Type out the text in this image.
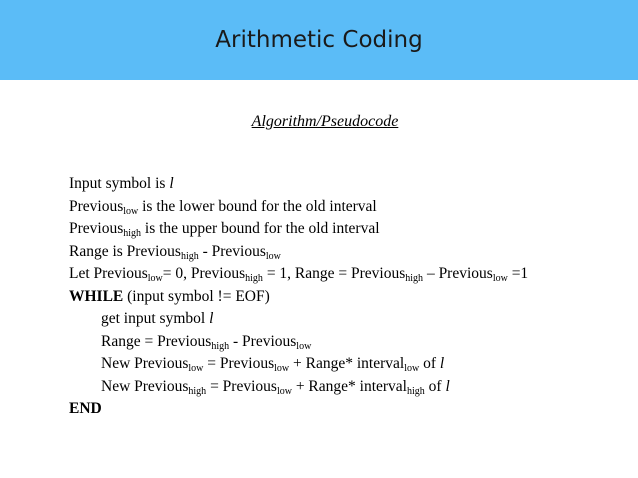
Arithmetic Coding
Algorithm/Pseudocode
Input symbol is l
Previous$_{low}$ is the lower bound for the old interval
Previous$_{high}$ is the upper bound for the old interval
Range is Previous$_{high}$ - Previous$_{low}$
Let Previous$_{low}$= 0, Previous$_{high}$ = 1, Range = Previous$_{high}$ – Previous$_{low}$ =1
WHILE (input symbol != EOF)
get input symbol l
Range = Previous$_{high}$ - Previous$_{low}$
New Previous$_{low}$ = Previous$_{low}$ + Range* interval$_{low}$ of l
New Previous$_{high}$ = Previous$_{low}$ + Range* interval$_{high}$ of l
END
